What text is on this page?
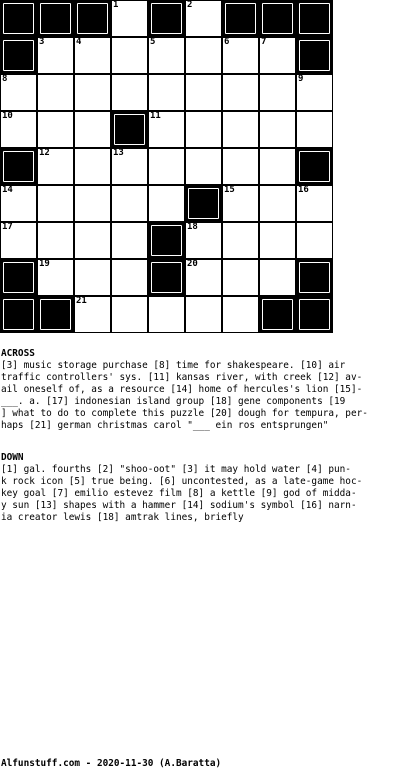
1	2
3	4	5	6	7
8	9
10	11
12	13
14	15	16
17	18
19	20
21
ACROSS
[3] music storage purchase [8] time for shakespeare. [10] air
traffic controllers' sys. [11] kansas river, with creek [12] av-
ail oneself of, as a resource [14] home of hercules's lion [15]-
___. a. [17] indonesian island group [18] gene components [19
] what to do to complete this puzzle [20] dough for tempura, per-
haps [21] german christmas carol "___ ein ros entsprungen"
DOWN
[1] gal. fourths [2] "shoo-oot" [3] it may hold water [4] pun-
k rock icon [5] true being. [6] uncontested, as a late-game hoc-
key goal [7] emilio estevez film [8] a kettle [9] god of midda-
y sun [13] shapes with a hammer [14] sodium's symbol [16] narn-
ia creator lewis [18] amtrak lines, briefly
Alfunstuff.com - 2020-11-30 (A.Baratta)
